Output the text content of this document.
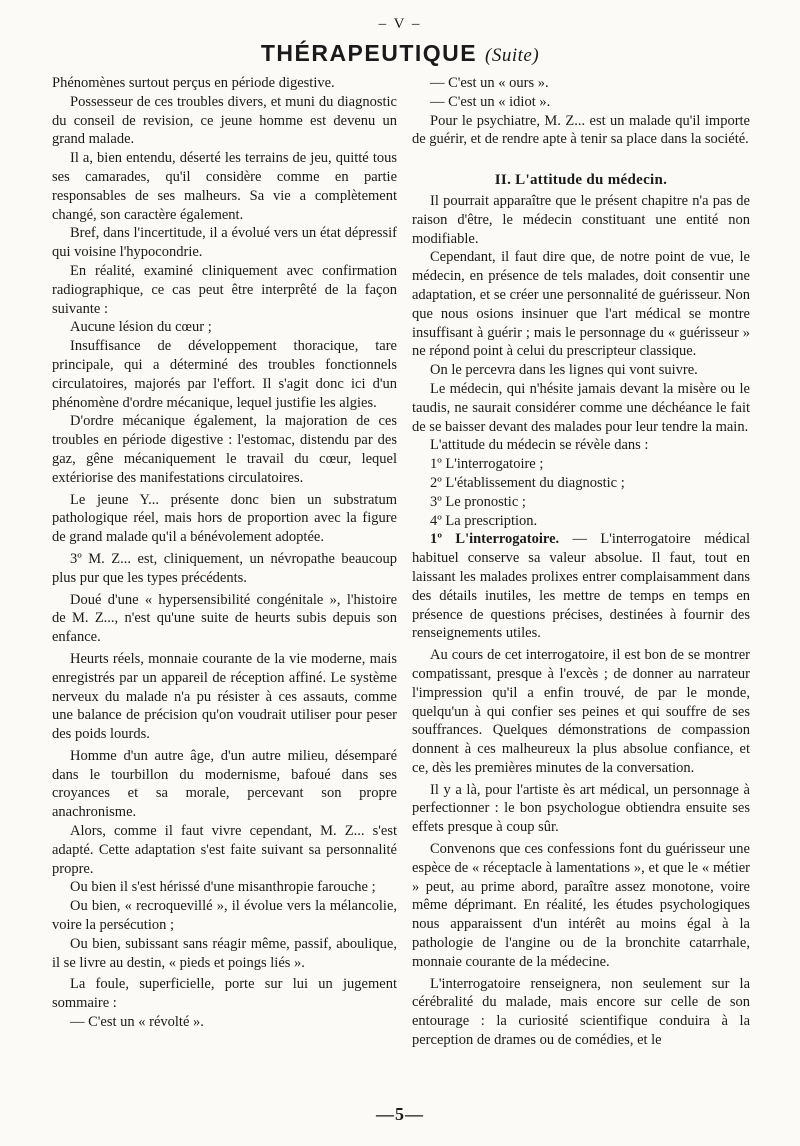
– V –
THÉRAPEUTIQUE (Suite)

Phénomènes surtout perçus en période digestive.

Possesseur de ces troubles divers, et muni du diagnostic du conseil de revision, ce jeune homme est devenu un grand malade.

Il a, bien entendu, déserté les terrains de jeu, quitté tous ses camarades, qu'il considère comme en partie responsables de ses malheurs. Sa vie a complètement changé, son caractère également.

Bref, dans l'incertitude, il a évolué vers un état dépressif qui voisine l'hypocondrie.

En réalité, examiné cliniquement avec confirmation radiographique, ce cas peut être interprêté de la façon suivante :

Aucune lésion du cœur ;

Insuffisance de développement thoracique, tare principale, qui a déterminé des troubles fonctionnels circulatoires, majorés par l'effort. Il s'agit donc ici d'un phénomène d'ordre mécanique, lequel justifie les algies.

D'ordre mécanique également, la majoration de ces troubles en période digestive : l'estomac, distendu par des gaz, gêne mécaniquement le travail du cœur, lequel extériorise des manifestations circulatoires.

Le jeune Y... présente donc bien un substratum pathologique réel, mais hors de proportion avec la figure de grand malade qu'il a bénévolement adoptée.

3º M. Z... est, cliniquement, un névropathe beaucoup plus pur que les types précédents.

Doué d'une « hypersensibilité congénitale », l'histoire de M. Z..., n'est qu'une suite de heurts subis depuis son enfance.

Heurts réels, monnaie courante de la vie moderne, mais enregistrés par un appareil de réception affiné. Le système nerveux du malade n'a pu résister à ces assauts, comme une balance de précision qu'on voudrait utiliser pour peser des poids lourds.

Homme d'un autre âge, d'un autre milieu, désemparé dans le tourbillon du modernisme, bafoué dans ses croyances et sa morale, percevant son propre anachronisme.

Alors, comme il faut vivre cependant, M. Z... s'est adapté. Cette adaptation s'est faite suivant sa personnalité propre.

Ou bien il s'est hérissé d'une misanthropie farouche ;

Ou bien, « recroquevillé », il évolue vers la mélancolie, voire la persécution ;

Ou bien, subissant sans réagir même, passif, aboulique, il se livre au destin, « pieds et poings liés ».

La foule, superficielle, porte sur lui un jugement sommaire :

— C'est un « révolté ».

— C'est un « ours ».

— C'est un « idiot ».

Pour le psychiatre, M. Z... est un malade qu'il importe de guérir, et de rendre apte à tenir sa place dans la société.

II. L'attitude du médecin.

Il pourrait apparaître que le présent chapitre n'a pas de raison d'être, le médecin constituant une entité non modifiable.

Cependant, il faut dire que, de notre point de vue, le médecin, en présence de tels malades, doit consentir une adaptation, et se créer une personnalité de guérisseur. Non que nous osions insinuer que l'art médical se montre insuffisant à guérir ; mais le personnage du « guérisseur » ne répond point à celui du prescripteur classique.

On le percevra dans les lignes qui vont suivre.

Le médecin, qui n'hésite jamais devant la misère ou le taudis, ne saurait considérer comme une déchéance le fait de se baisser devant des malades pour leur tendre la main.

L'attitude du médecin se révèle dans :

1º L'interrogatoire ;

2º L'établissement du diagnostic ;

3º Le pronostic ;

4º La prescription.

1º L'interrogatoire. — L'interrogatoire médical habituel conserve sa valeur absolue. Il faut, tout en laissant les malades prolixes entrer complaisamment dans des détails inutiles, les mettre de temps en temps en présence de questions précises, destinées à fournir des renseignements utiles.

Au cours de cet interrogatoire, il est bon de se montrer compatissant, presque à l'excès ; de donner au narrateur l'impression qu'il a enfin trouvé, de par le monde, quelqu'un à qui confier ses peines et qui souffre de ses souffrances. Quelques démonstrations de compassion donnent à ces malheureux la plus absolue confiance, et ce, dès les premières minutes de la conversation.

Il y a là, pour l'artiste ès art médical, un personnage à perfectionner : le bon psychologue obtiendra ensuite ses effets presque à coup sûr.

Convenons que ces confessions font du guérisseur une espèce de « réceptacle à lamentations », et que le « métier » peut, au prime abord, paraître assez monotone, voire même déprimant. En réalité, les études psychologiques nous apparaissent d'un intérêt au moins égal à la pathologie de l'angine ou de la bronchite catarrhale, monnaie courante de la médecine.

L'interrogatoire renseignera, non seulement sur la cérébralité du malade, mais encore sur celle de son entourage : la curiosité scientifique conduira à la perception de drames ou de comédies, et le

—5—
